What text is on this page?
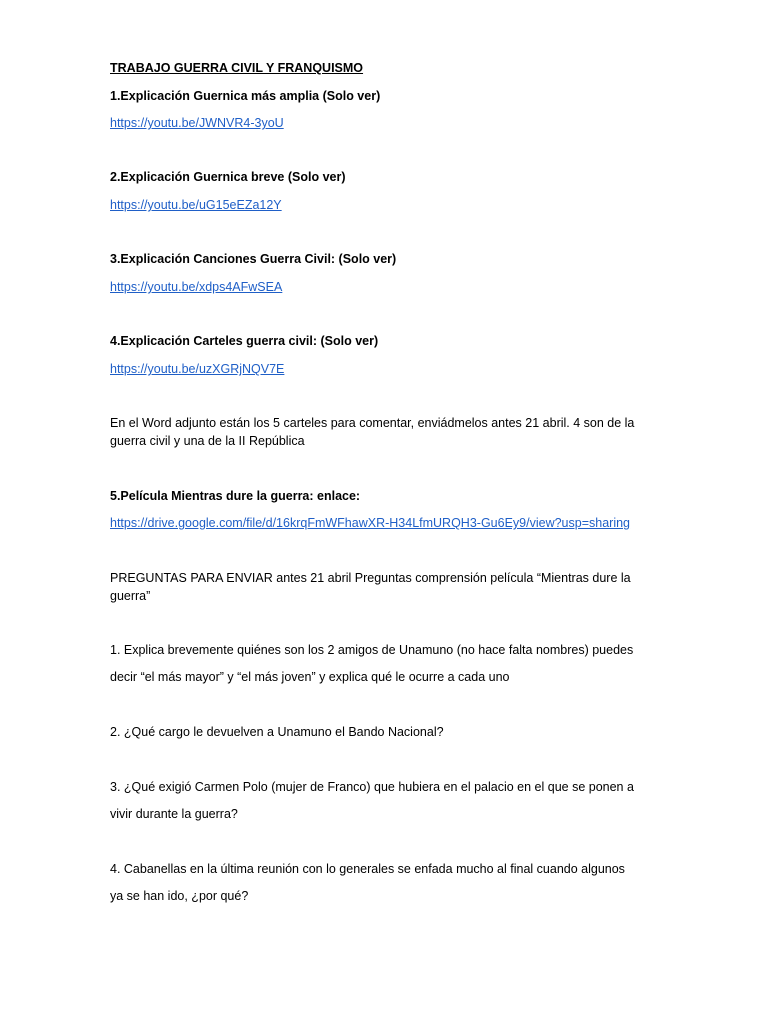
TRABAJO GUERRA CIVIL Y FRANQUISMO
1.Explicación Guernica más amplia (Solo ver)
https://youtu.be/JWNVR4-3yoU
2.Explicación Guernica breve (Solo ver)
https://youtu.be/uG15eEZa12Y
3.Explicación Canciones Guerra Civil: (Solo ver)
https://youtu.be/xdps4AFwSEA
4.Explicación Carteles guerra civil: (Solo ver)
https://youtu.be/uzXGRjNQV7E
En el Word adjunto están los 5 carteles para comentar, enviádmelos antes 21 abril. 4 son de la
guerra civil y una de la II República
5.Película Mientras dure la guerra: enlace:
https://drive.google.com/file/d/16krqFmWFhawXR-H34LfmURQH3-Gu6Ey9/view?usp=sharing
PREGUNTAS PARA ENVIAR antes 21 abril Preguntas comprensión película “Mientras dure la
guerra”
1. Explica brevemente quiénes son los 2 amigos de Unamuno (no hace falta nombres) puedes
decir “el más mayor” y “el más joven” y explica qué le ocurre a cada uno
2. ¿Qué cargo le devuelven a Unamuno el Bando Nacional?
3. ¿Qué exigió Carmen Polo (mujer de Franco) que hubiera en el palacio en el que se ponen a
vivir durante la guerra?
4. Cabanellas en la última reunión con lo generales se enfada mucho al final cuando algunos
ya se han ido, ¿por qué?
